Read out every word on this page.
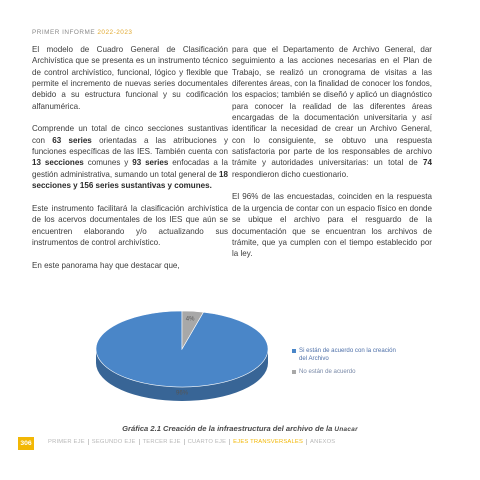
PRIMER INFORME 2022-2023

El modelo de Cuadro General de Clasificación Archivística que se presenta es un instrumento técnico de control archivístico, funcional, lógico y flexible que permite el incremento de nuevas series documentales debido a su estructura funcional y su codificación alfanumérica.

Comprende un total de cinco secciones sustantivas con 63 series orientadas a las atribuciones y funciones específicas de las IES. También cuenta con 13 secciones comunes y 93 series enfocadas a la gestión administrativa, sumando un total general de 18 secciones y 156 series sustantivas y comunes.

Este instrumento facilitará la clasificación archivística de los acervos documentales de los IES que aún se encuentren elaborando y/o actualizando sus instrumentos de control archivístico.

En este panorama hay que destacar que,

para que el Departamento de Archivo General, dar seguimiento a las acciones necesarias en el Plan de Trabajo, se realizó un cronograma de visitas a las diferentes áreas, con la finalidad de conocer los fondos, los espacios; también se diseñó y aplicó un diagnóstico para conocer la realidad de las diferentes áreas encargadas de la documentación universitaria y así identificar la necesidad de crear un Archivo General, con lo consiguiente, se obtuvo una respuesta satisfactoria por parte de los responsables de archivo trámite y autoridades universitarias: un total de 74 respondieron dicho cuestionario.

El 96% de las encuestadas, coinciden en la respuesta de la urgencia de contar con un espacio físico en donde se ubique el archivo para el resguardo de la documentación que se encuentran los archivos de trámite, que ya cumplen con el tiempo establecido por la ley.

96%
4%
Si están de acuerdo con la creación del Archivo
No están de acuerdo
Gráfica 2.1 Creación de la infraestructura del archivo de la Unacar
306	PRIMER EJE	SEGUNDO EJE	TERCER EJE	CUARTO EJE	EJES TRANSVERSALES	ANEXOS
